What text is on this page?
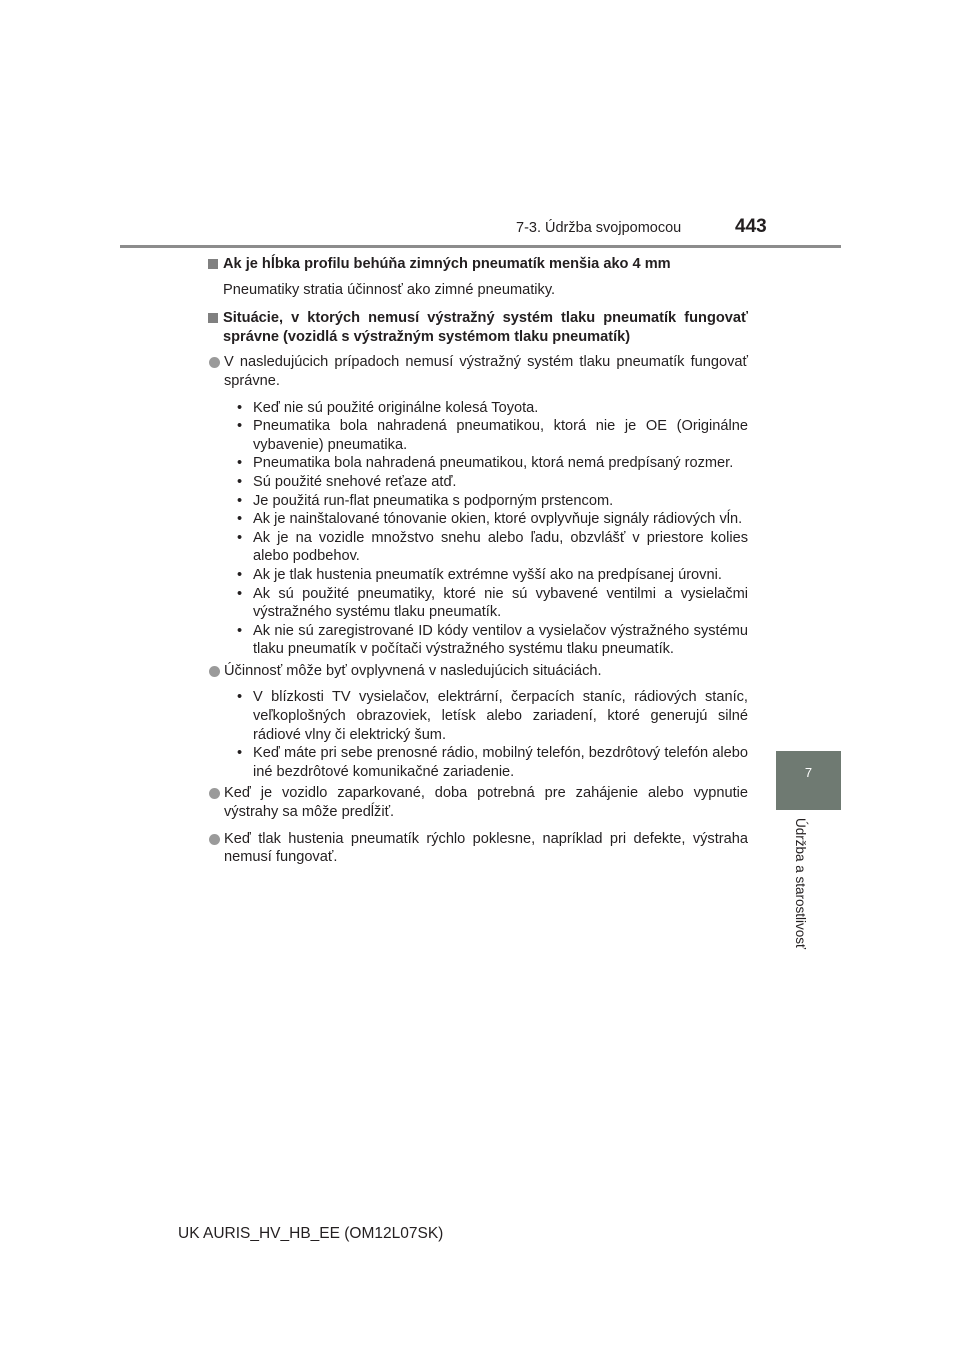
7-3. Údržba svojpomocou	443
7
Údržba a starostlivosť
Ak je hĺbka profilu behúňa zimných pneumatík menšia ako 4 mm
Pneumatiky stratia účinnosť ako zimné pneumatiky.
Situácie, v ktorých nemusí výstražný systém tlaku pneumatík fungovať správne (vozidlá s výstražným systémom tlaku pneumatík)
V nasledujúcich prípadoch nemusí výstražný systém tlaku pneumatík fungovať správne.
• Keď nie sú použité originálne kolesá Toyota.
• Pneumatika bola nahradená pneumatikou, ktorá nie je OE (Originálne vybavenie) pneumatika.
• Pneumatika bola nahradená pneumatikou, ktorá nemá predpísaný rozmer.
• Sú použité snehové reťaze atď.
• Je použitá run-flat pneumatika s podporným prstencom.
• Ak je nainštalované tónovanie okien, ktoré ovplyvňuje signály rádiových vĺn.
• Ak je na vozidle množstvo snehu alebo ľadu, obzvlášť v priestore kolies alebo podbehov.
• Ak je tlak hustenia pneumatík extrémne vyšší ako na predpísanej úrovni.
• Ak sú použité pneumatiky, ktoré nie sú vybavené ventilmi a vysielačmi výstražného systému tlaku pneumatík.
• Ak nie sú zaregistrované ID kódy ventilov a vysielačov výstražného systému tlaku pneumatík v počítači výstražného systému tlaku pneumatík.
Účinnosť môže byť ovplyvnená v nasledujúcich situáciách.
• V blízkosti TV vysielačov, elektrární, čerpacích staníc, rádiových staníc, veľkoplošných obrazoviek, letísk alebo zariadení, ktoré generujú silné rádiové vlny či elektrický šum.
• Keď máte pri sebe prenosné rádio, mobilný telefón, bezdrôtový telefón alebo iné bezdrôtové komunikačné zariadenie.
Keď je vozidlo zaparkované, doba potrebná pre zahájenie alebo vypnutie výstrahy sa môže predĺžiť.
Keď tlak hustenia pneumatík rýchlo poklesne, napríklad pri defekte, výstraha nemusí fungovať.
UK AURIS_HV_HB_EE (OM12L07SK)
